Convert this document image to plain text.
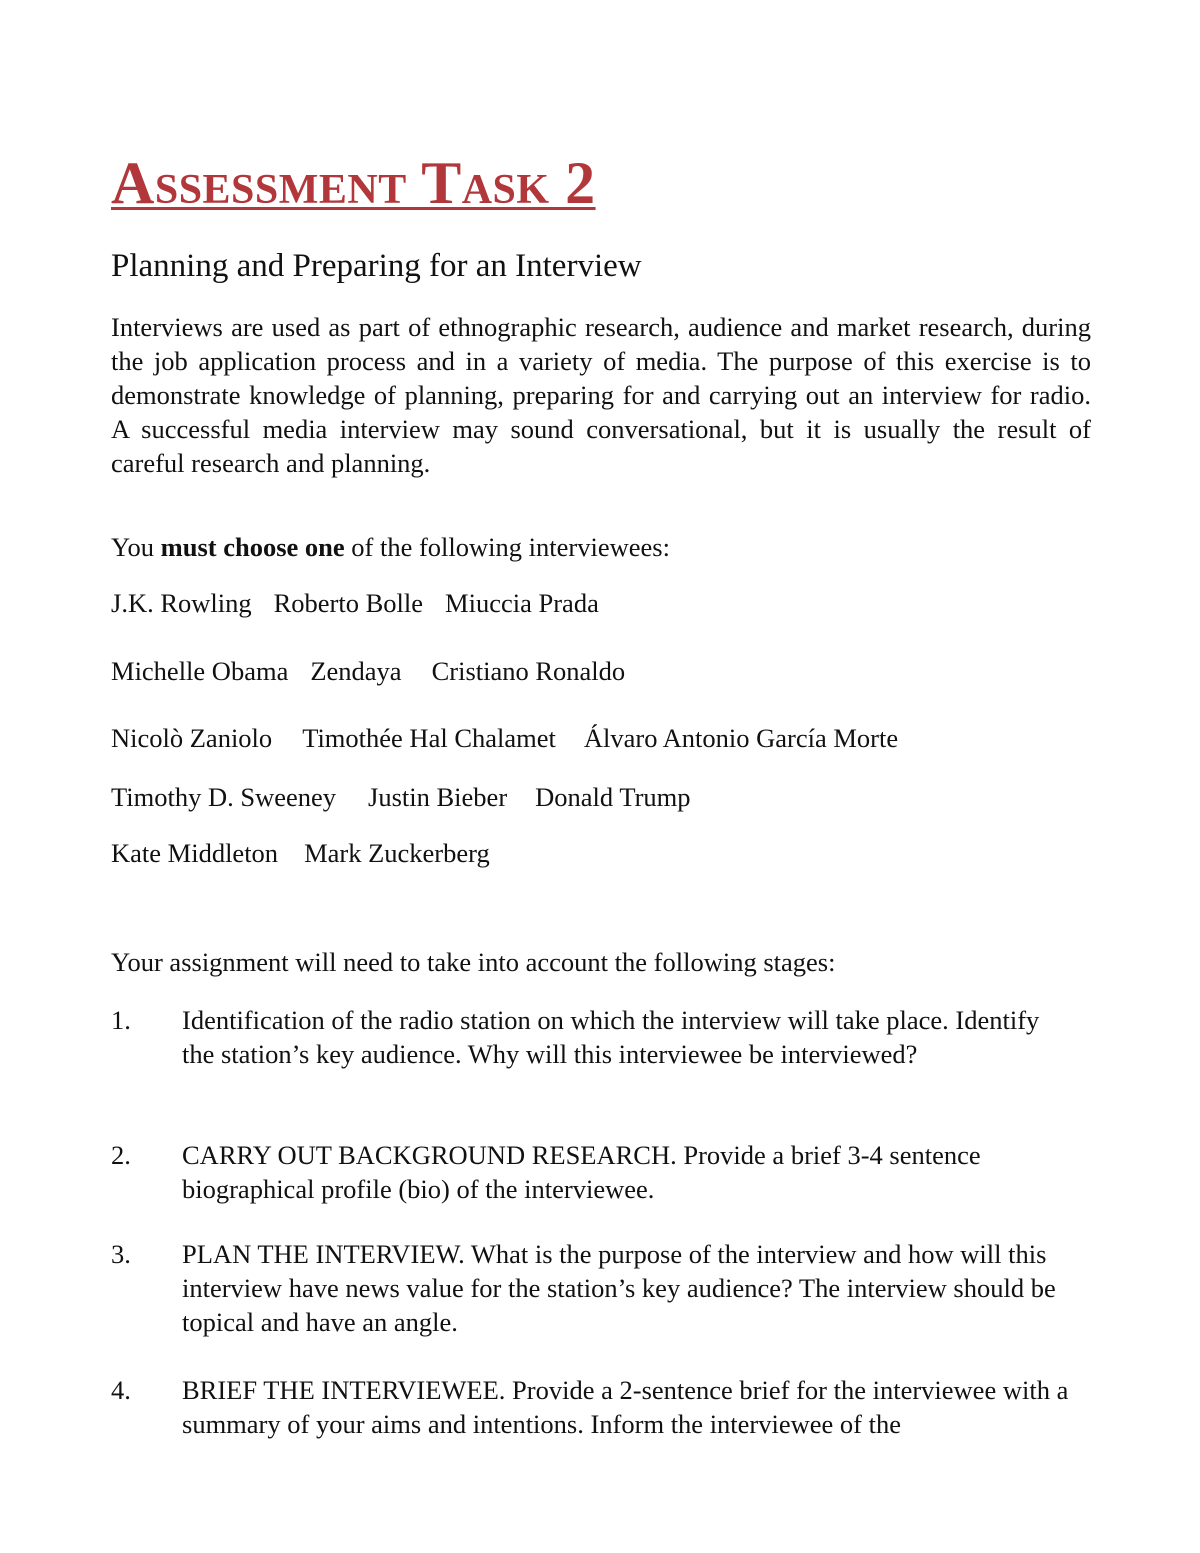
Assessment Task 2
Planning and Preparing for an Interview

Interviews are used as part of ethnographic research, audience and market research, during the job application process and in a variety of media. The purpose of this exercise is to demonstrate knowledge of planning, preparing for and carrying out an interview for radio. A successful media interview may sound conversational, but it is usually the result of careful research and planning.

You must choose one of the following interviewees:

J.K. Rowling Roberto Bolle Miuccia Prada

Michelle Obama Zendaya Cristiano Ronaldo

Nicolò Zaniolo Timothée Hal Chalamet Álvaro Antonio García Morte

Timothy D. Sweeney Justin Bieber Donald Trump

Kate Middleton Mark Zuckerberg

Your assignment will need to take into account the following stages:

1. Identification of the radio station on which the interview will take place. Identify the station’s key audience. Why will this interviewee be interviewed?
2. CARRY OUT BACKGROUND RESEARCH. Provide a brief 3-4 sentence biographical profile (bio) of the interviewee.
3. PLAN THE INTERVIEW. What is the purpose of the interview and how will this interview have news value for the station’s key audience? The interview should be topical and have an angle.
4. BRIEF THE INTERVIEWEE. Provide a 2-sentence brief for the interviewee with a summary of your aims and intentions. Inform the interviewee of the
